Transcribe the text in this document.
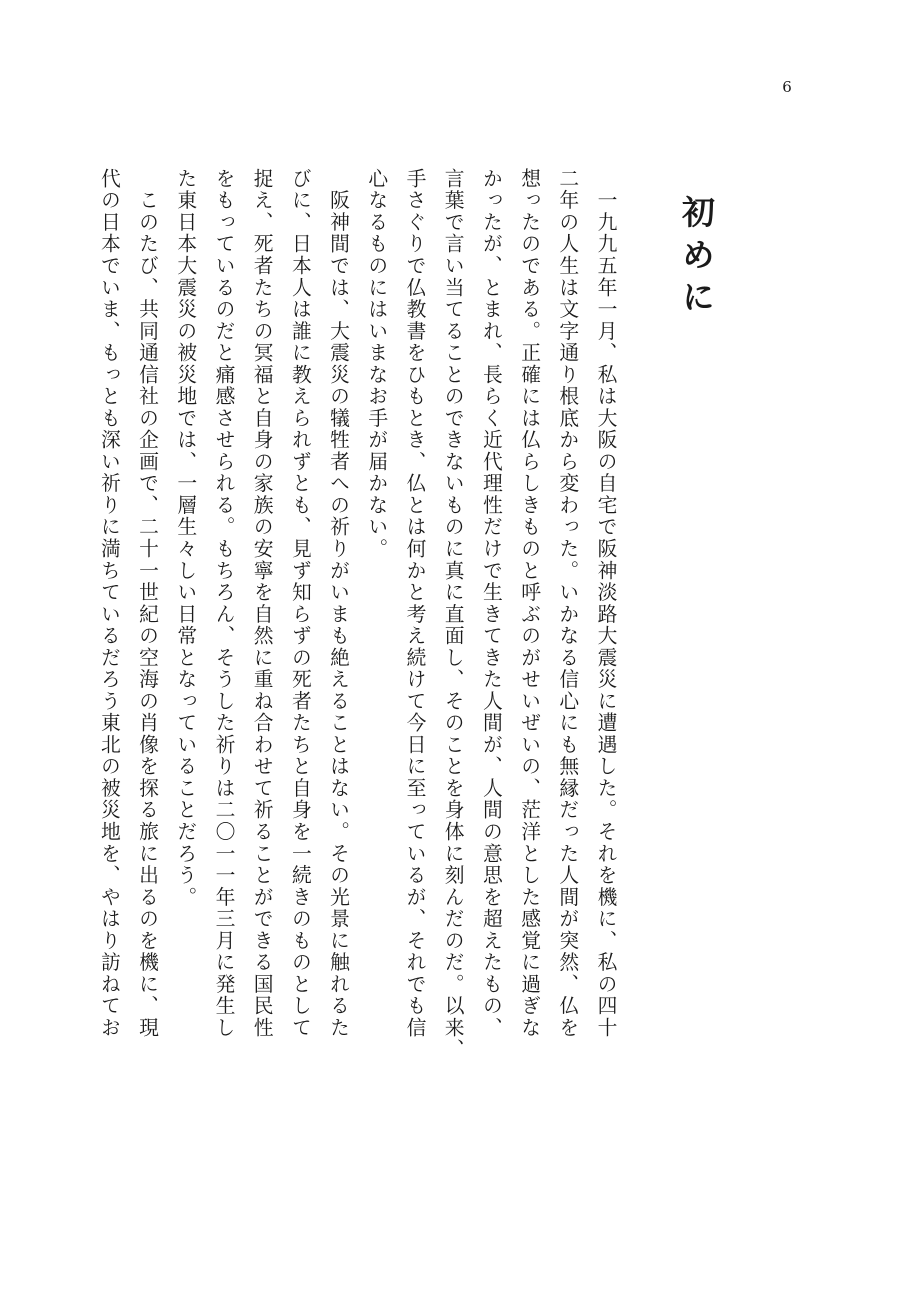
6
初めに
　一九九五年一月、私は大阪の自宅で阪神淡路大震災に遭遇した。それを機に、私の四十
二年の人生は文字通り根底から変わった。いかなる信心にも無縁だった人間が突然、仏を
想ったのである。正確には仏らしきものと呼ぶのがせいぜいの、茫洋とした感覚に過ぎな
かったが、とまれ、長らく近代理性だけで生きてきた人間が、人間の意思を超えたもの、
言葉で言い当てることのできないものに真に直面し、そのことを身体に刻んだのだ。以来、
手さぐりで仏教書をひもとき、仏とは何かと考え続けて今日に至っているが、それでも信
心なるものにはいまなお手が届かない。
　阪神間では、大震災の犠牲者への祈りがいまも絶えることはない。その光景に触れるた
びに、日本人は誰に教えられずとも、見ず知らずの死者たちと自身を一続きのものとして
捉え、死者たちの冥福と自身の家族の安寧を自然に重ね合わせて祈ることができる国民性
をもっているのだと痛感させられる。もちろん、そうした祈りは二〇一一年三月に発生し
た東日本大震災の被災地では、一層生々しい日常となっていることだろう。
　このたび、共同通信社の企画で、二十一世紀の空海の肖像を探る旅に出るのを機に、現
代の日本でいま、もっとも深い祈りに満ちているだろう東北の被災地を、やはり訪ねてお
